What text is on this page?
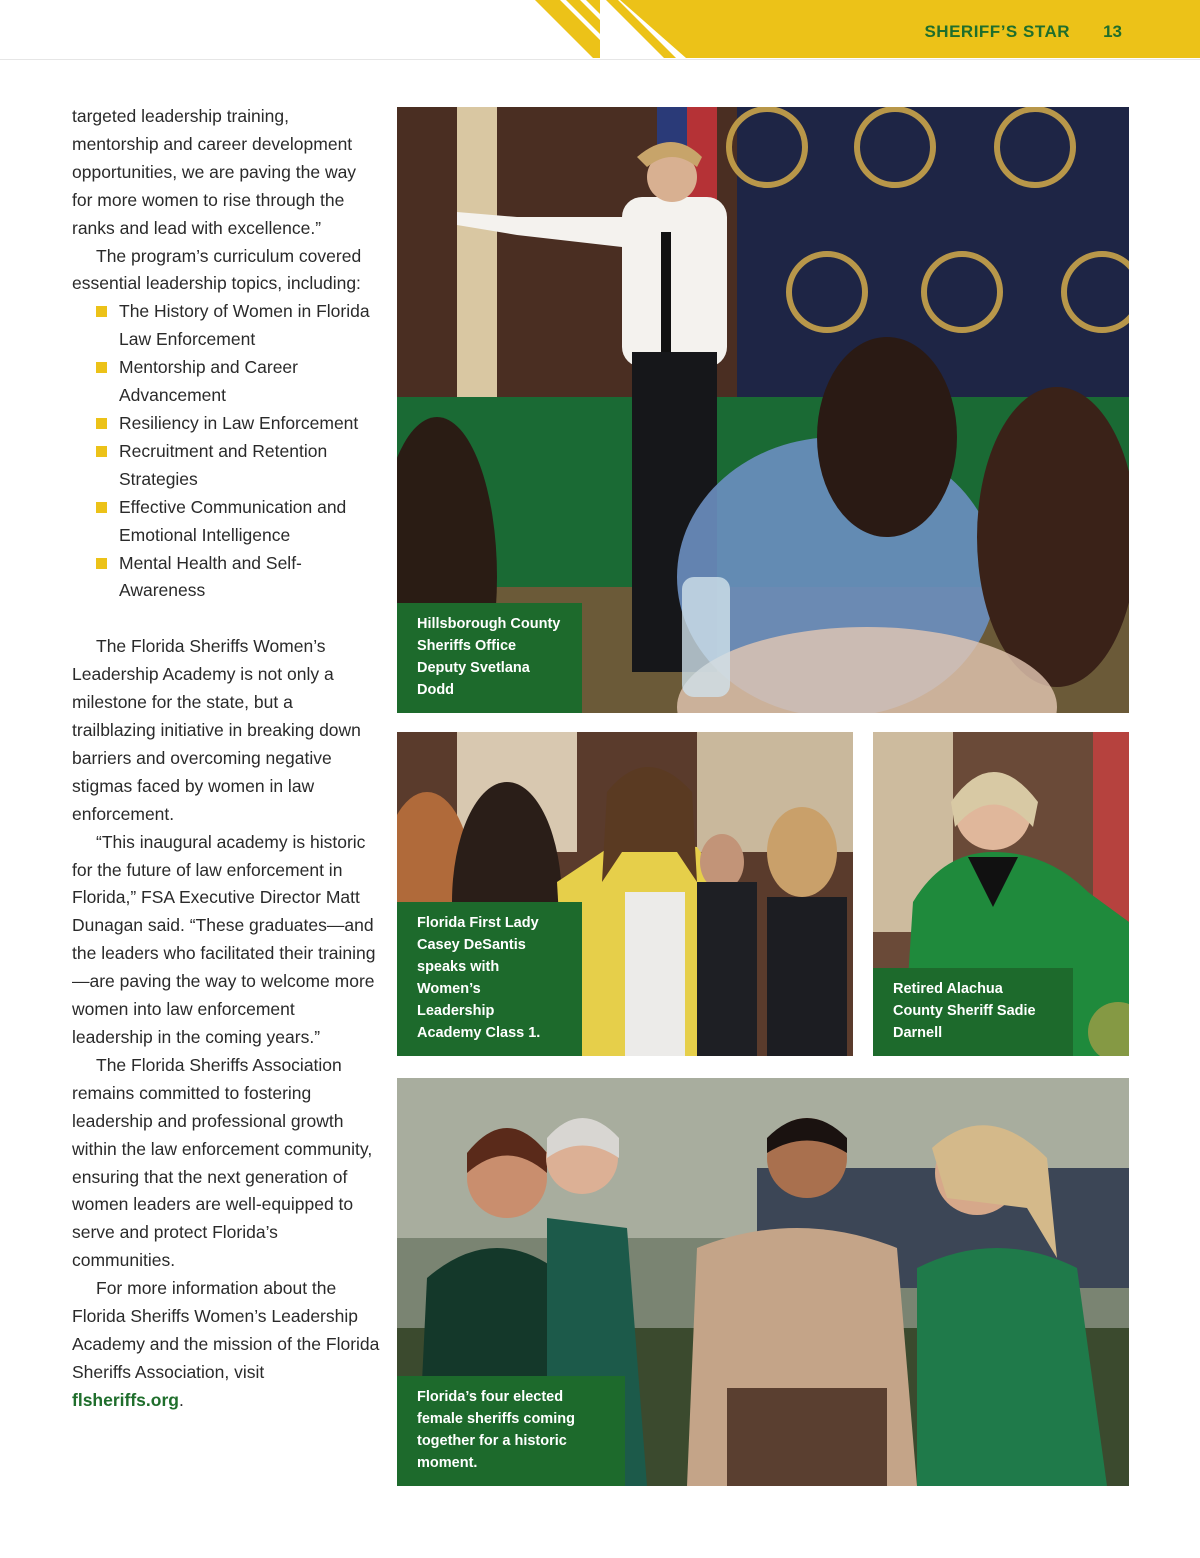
SHERIFF’S STAR 13

targeted leadership training, mentorship and career development opportunities, we are paving the way for more women to rise through the ranks and lead with excellence.”

The program’s curriculum covered essential leadership topics, including:

The History of Women in Florida Law Enforcement
Mentorship and Career Advancement
Resiliency in Law Enforcement
Recruitment and Retention Strategies
Effective Communication and Emotional Intelligence
Mental Health and Self-Awareness

The Florida Sheriffs Women’s Leadership Academy is not only a milestone for the state, but a trailblazing initiative in breaking down barriers and overcoming negative stigmas faced by women in law enforcement.

“This inaugural academy is historic for the future of law enforcement in Florida,” FSA Executive Director Matt Dunagan said. “These graduates—and the leaders who facilitated their training—are paving the way to welcome more women into law enforcement leadership in the coming years.”

The Florida Sheriffs Association remains committed to fostering leadership and professional growth within the law enforcement community, ensuring that the next generation of women leaders are well-equipped to serve and protect Florida’s communities.

For more information about the Florida Sheriffs Women’s Leadership Academy and the mission of the Florida Sheriffs Association, visit flsheriffs.org.

Hillsborough County Sheriffs Office Deputy Svetlana Dodd
Florida First Lady Casey DeSantis speaks with Women’s Leadership Academy Class 1.
Retired Alachua County Sheriff Sadie Darnell
Florida’s four elected female sheriffs coming together for a historic moment.
